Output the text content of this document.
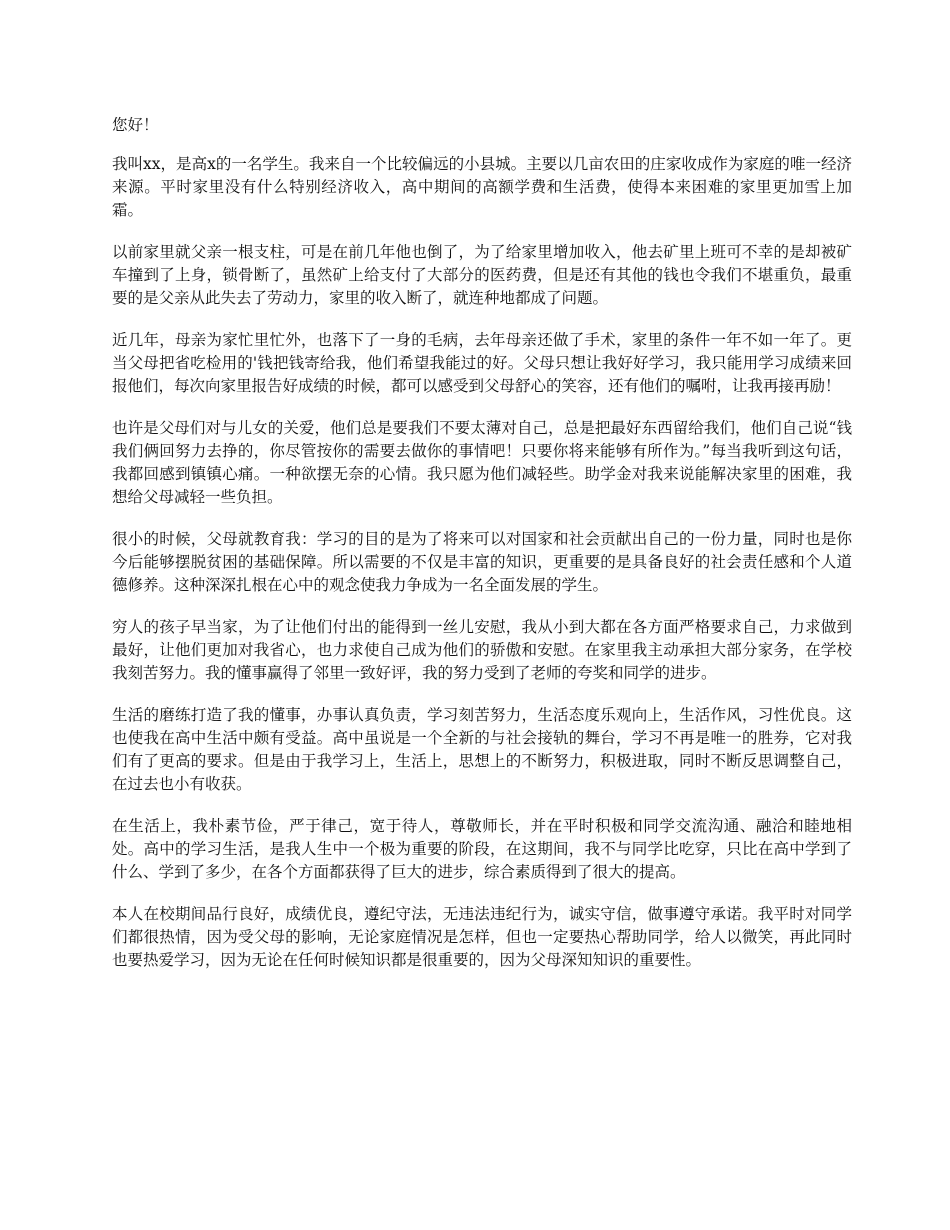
您好！

我叫xx，是高x的一名学生。我来自一个比较偏远的小县城。主要以几亩农田的庄家收成作为家庭的唯一经济来源。平时家里没有什么特别经济收入，高中期间的高额学费和生活费，使得本来困难的家里更加雪上加霜。

以前家里就父亲一根支柱，可是在前几年他也倒了，为了给家里增加收入，他去矿里上班可不幸的是却被矿车撞到了上身，锁骨断了，虽然矿上给支付了大部分的医药费，但是还有其他的钱也令我们不堪重负，最重要的是父亲从此失去了劳动力，家里的收入断了，就连种地都成了问题。

近几年，母亲为家忙里忙外，也落下了一身的毛病，去年母亲还做了手术，家里的条件一年不如一年了。更当父母把省吃检用的'钱把钱寄给我，他们希望我能过的好。父母只想让我好好学习，我只能用学习成绩来回报他们，每次向家里报告好成绩的时候，都可以感受到父母舒心的笑容，还有他们的嘱咐，让我再接再励！

也许是父母们对与儿女的关爱，他们总是要我们不要太薄对自己，总是把最好东西留给我们，他们自己说“钱我们俩回努力去挣的，你尽管按你的需要去做你的事情吧！只要你将来能够有所作为。”每当我听到这句话，我都回感到镇镇心痛。一种欲摆无奈的心情。我只愿为他们减轻些。助学金对我来说能解决家里的困难，我想给父母减轻一些负担。

很小的时候，父母就教育我：学习的目的是为了将来可以对国家和社会贡献出自己的一份力量，同时也是你今后能够摆脱贫困的基础保障。所以需要的不仅是丰富的知识，更重要的是具备良好的社会责任感和个人道德修养。这种深深扎根在心中的观念使我力争成为一名全面发展的学生。

穷人的孩子早当家，为了让他们付出的能得到一丝儿安慰，我从小到大都在各方面严格要求自己，力求做到最好，让他们更加对我省心，也力求使自己成为他们的骄傲和安慰。在家里我主动承担大部分家务，在学校我刻苦努力。我的懂事赢得了邻里一致好评，我的努力受到了老师的夸奖和同学的进步。

生活的磨练打造了我的懂事，办事认真负责，学习刻苦努力，生活态度乐观向上，生活作风，习性优良。这也使我在高中生活中颇有受益。高中虽说是一个全新的与社会接轨的舞台，学习不再是唯一的胜券，它对我们有了更高的要求。但是由于我学习上，生活上，思想上的不断努力，积极进取，同时不断反思调整自己，在过去也小有收获。

在生活上，我朴素节俭，严于律己，宽于待人，尊敬师长，并在平时积极和同学交流沟通、融洽和睦地相处。高中的学习生活，是我人生中一个极为重要的阶段，在这期间，我不与同学比吃穿，只比在高中学到了什么、学到了多少，在各个方面都获得了巨大的进步，综合素质得到了很大的提高。

本人在校期间品行良好，成绩优良，遵纪守法，无违法违纪行为，诚实守信，做事遵守承诺。我平时对同学们都很热情，因为受父母的影响，无论家庭情况是怎样，但也一定要热心帮助同学，给人以微笑，再此同时也要热爱学习，因为无论在任何时候知识都是很重要的，因为父母深知知识的重要性。
